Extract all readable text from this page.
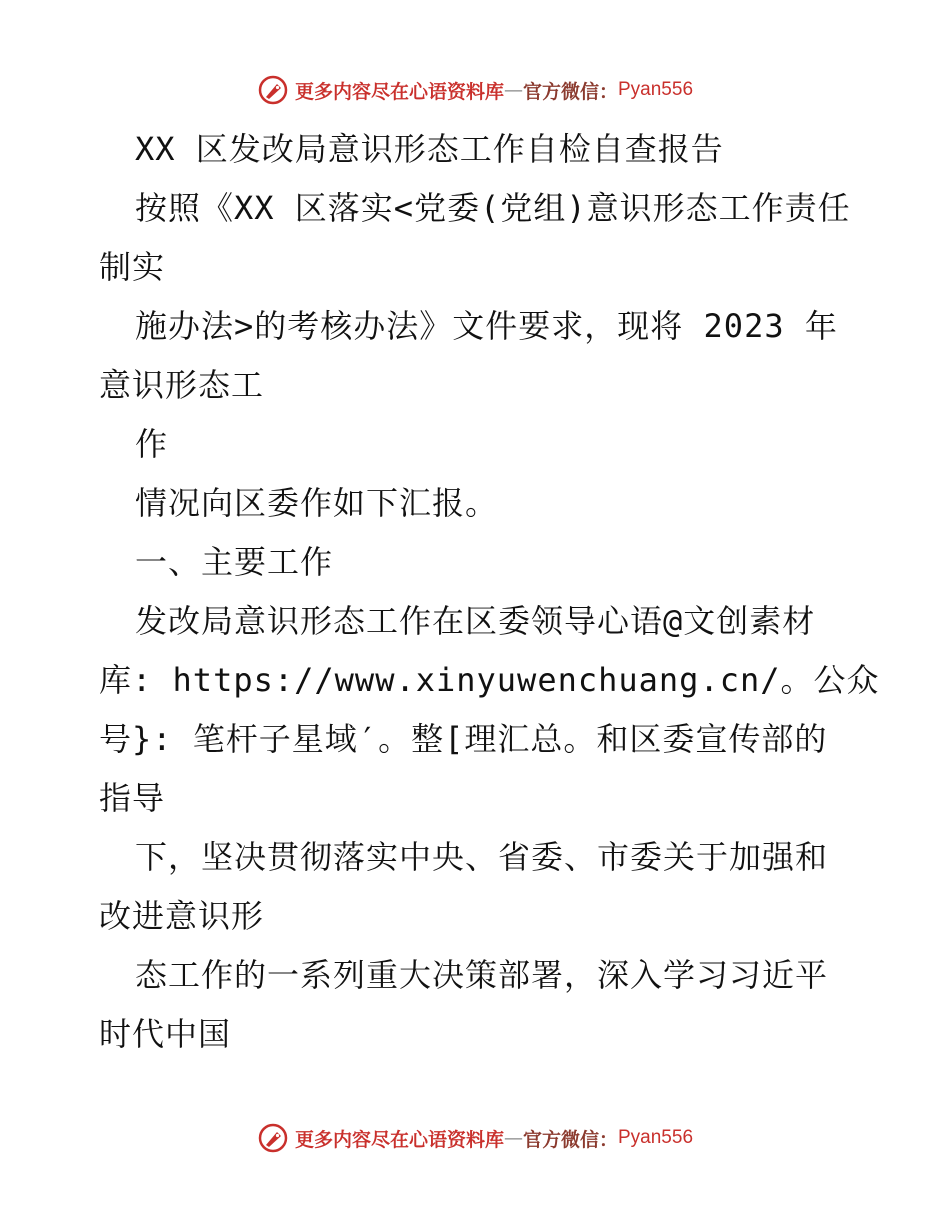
更多内容尽在心语资料库 — 官方微信： Pyan556
XX 区发改局意识形态工作自检自查报告
按照《XX 区落实<党委(党组)意识形态工作责任
制实
施办法>的考核办法》文件要求，现将 2023 年
意识形态工
作
情况向区委作如下汇报。
一、主要工作
发改局意识形态工作在区委领导心语@文创素材
库: https://www.xinyuwenchuang.cn/。公众
号}: 笔杆子星域′。整[理汇总。和区委宣传部的
指导
下，坚决贯彻落实中央、省委、市委关于加强和
改进意识形
态工作的一系列重大决策部署，深入学习习近平
时代中国
更多内容尽在心语资料库 — 官方微信： Pyan556
